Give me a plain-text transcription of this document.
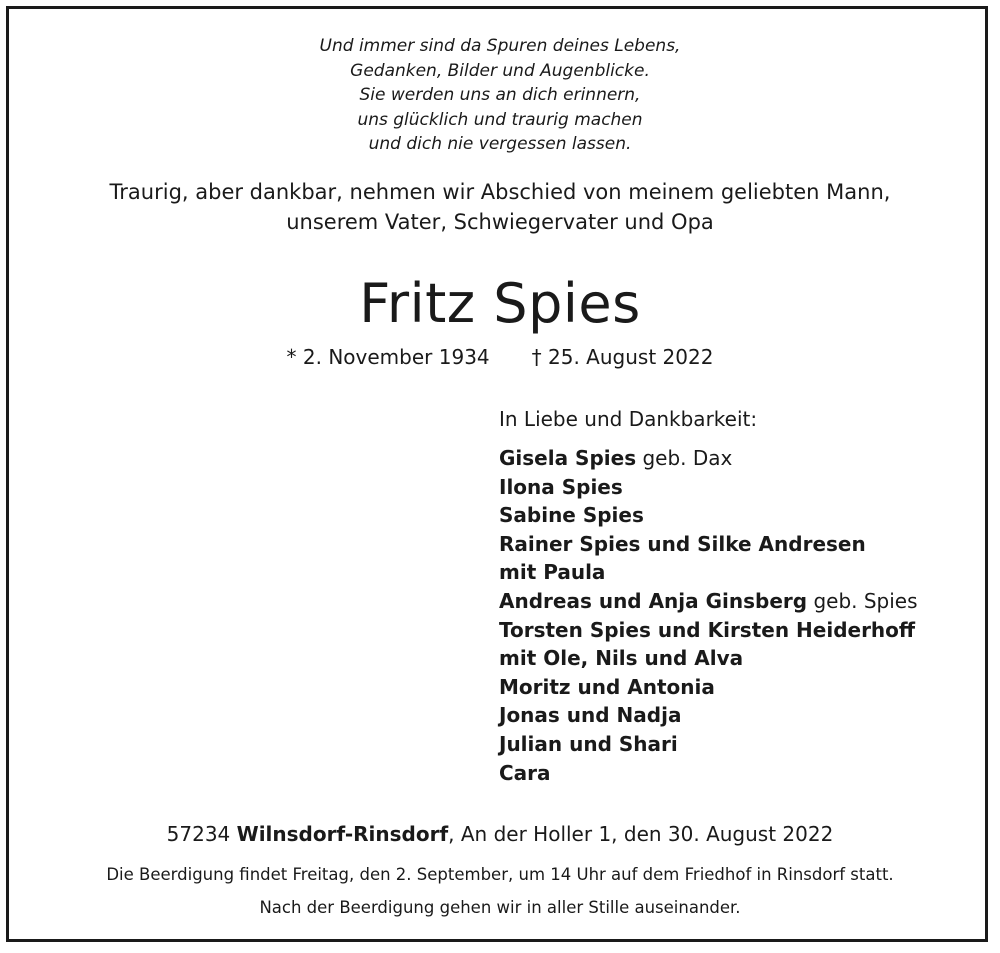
Und immer sind da Spuren deines Lebens,
Gedanken, Bilder und Augenblicke.
Sie werden uns an dich erinnern,
uns glücklich und traurig machen
und dich nie vergessen lassen.
Traurig, aber dankbar, nehmen wir Abschied von meinem geliebten Mann,
unserem Vater, Schwiegervater und Opa
Fritz Spies
* 2. November 1934 † 25. August 2022
In Liebe und Dankbarkeit:
Gisela Spies geb. Dax
Ilona Spies
Sabine Spies
Rainer Spies und Silke Andresen
mit Paula
Andreas und Anja Ginsberg geb. Spies
Torsten Spies und Kirsten Heiderhoff
mit Ole, Nils und Alva
Moritz und Antonia
Jonas und Nadja
Julian und Shari
Cara
57234 Wilnsdorf-Rinsdorf, An der Holler 1, den 30. August 2022
Die Beerdigung findet Freitag, den 2. September, um 14 Uhr auf dem Friedhof in Rinsdorf statt.
Nach der Beerdigung gehen wir in aller Stille auseinander.
